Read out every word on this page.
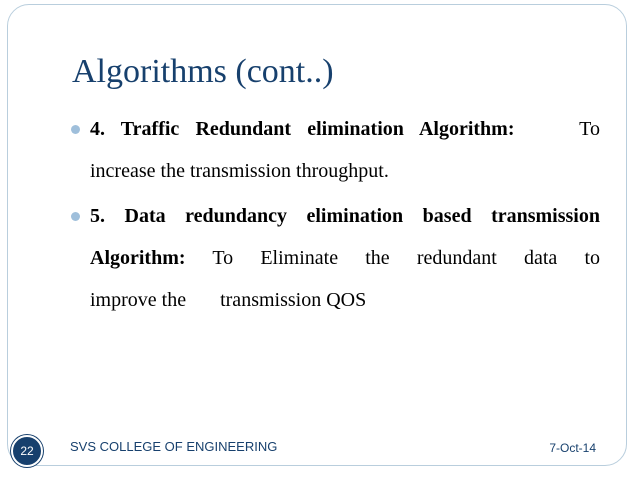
Algorithms (cont..)
4. Traffic Redundant elimination Algorithm:	To
increase the transmission throughput.
5. Data redundancy elimination based transmission
Algorithm: To Eliminate the redundant data to
improve the transmission QOS
22	SVS COLLEGE OF ENGINEERING	7-Oct-14
